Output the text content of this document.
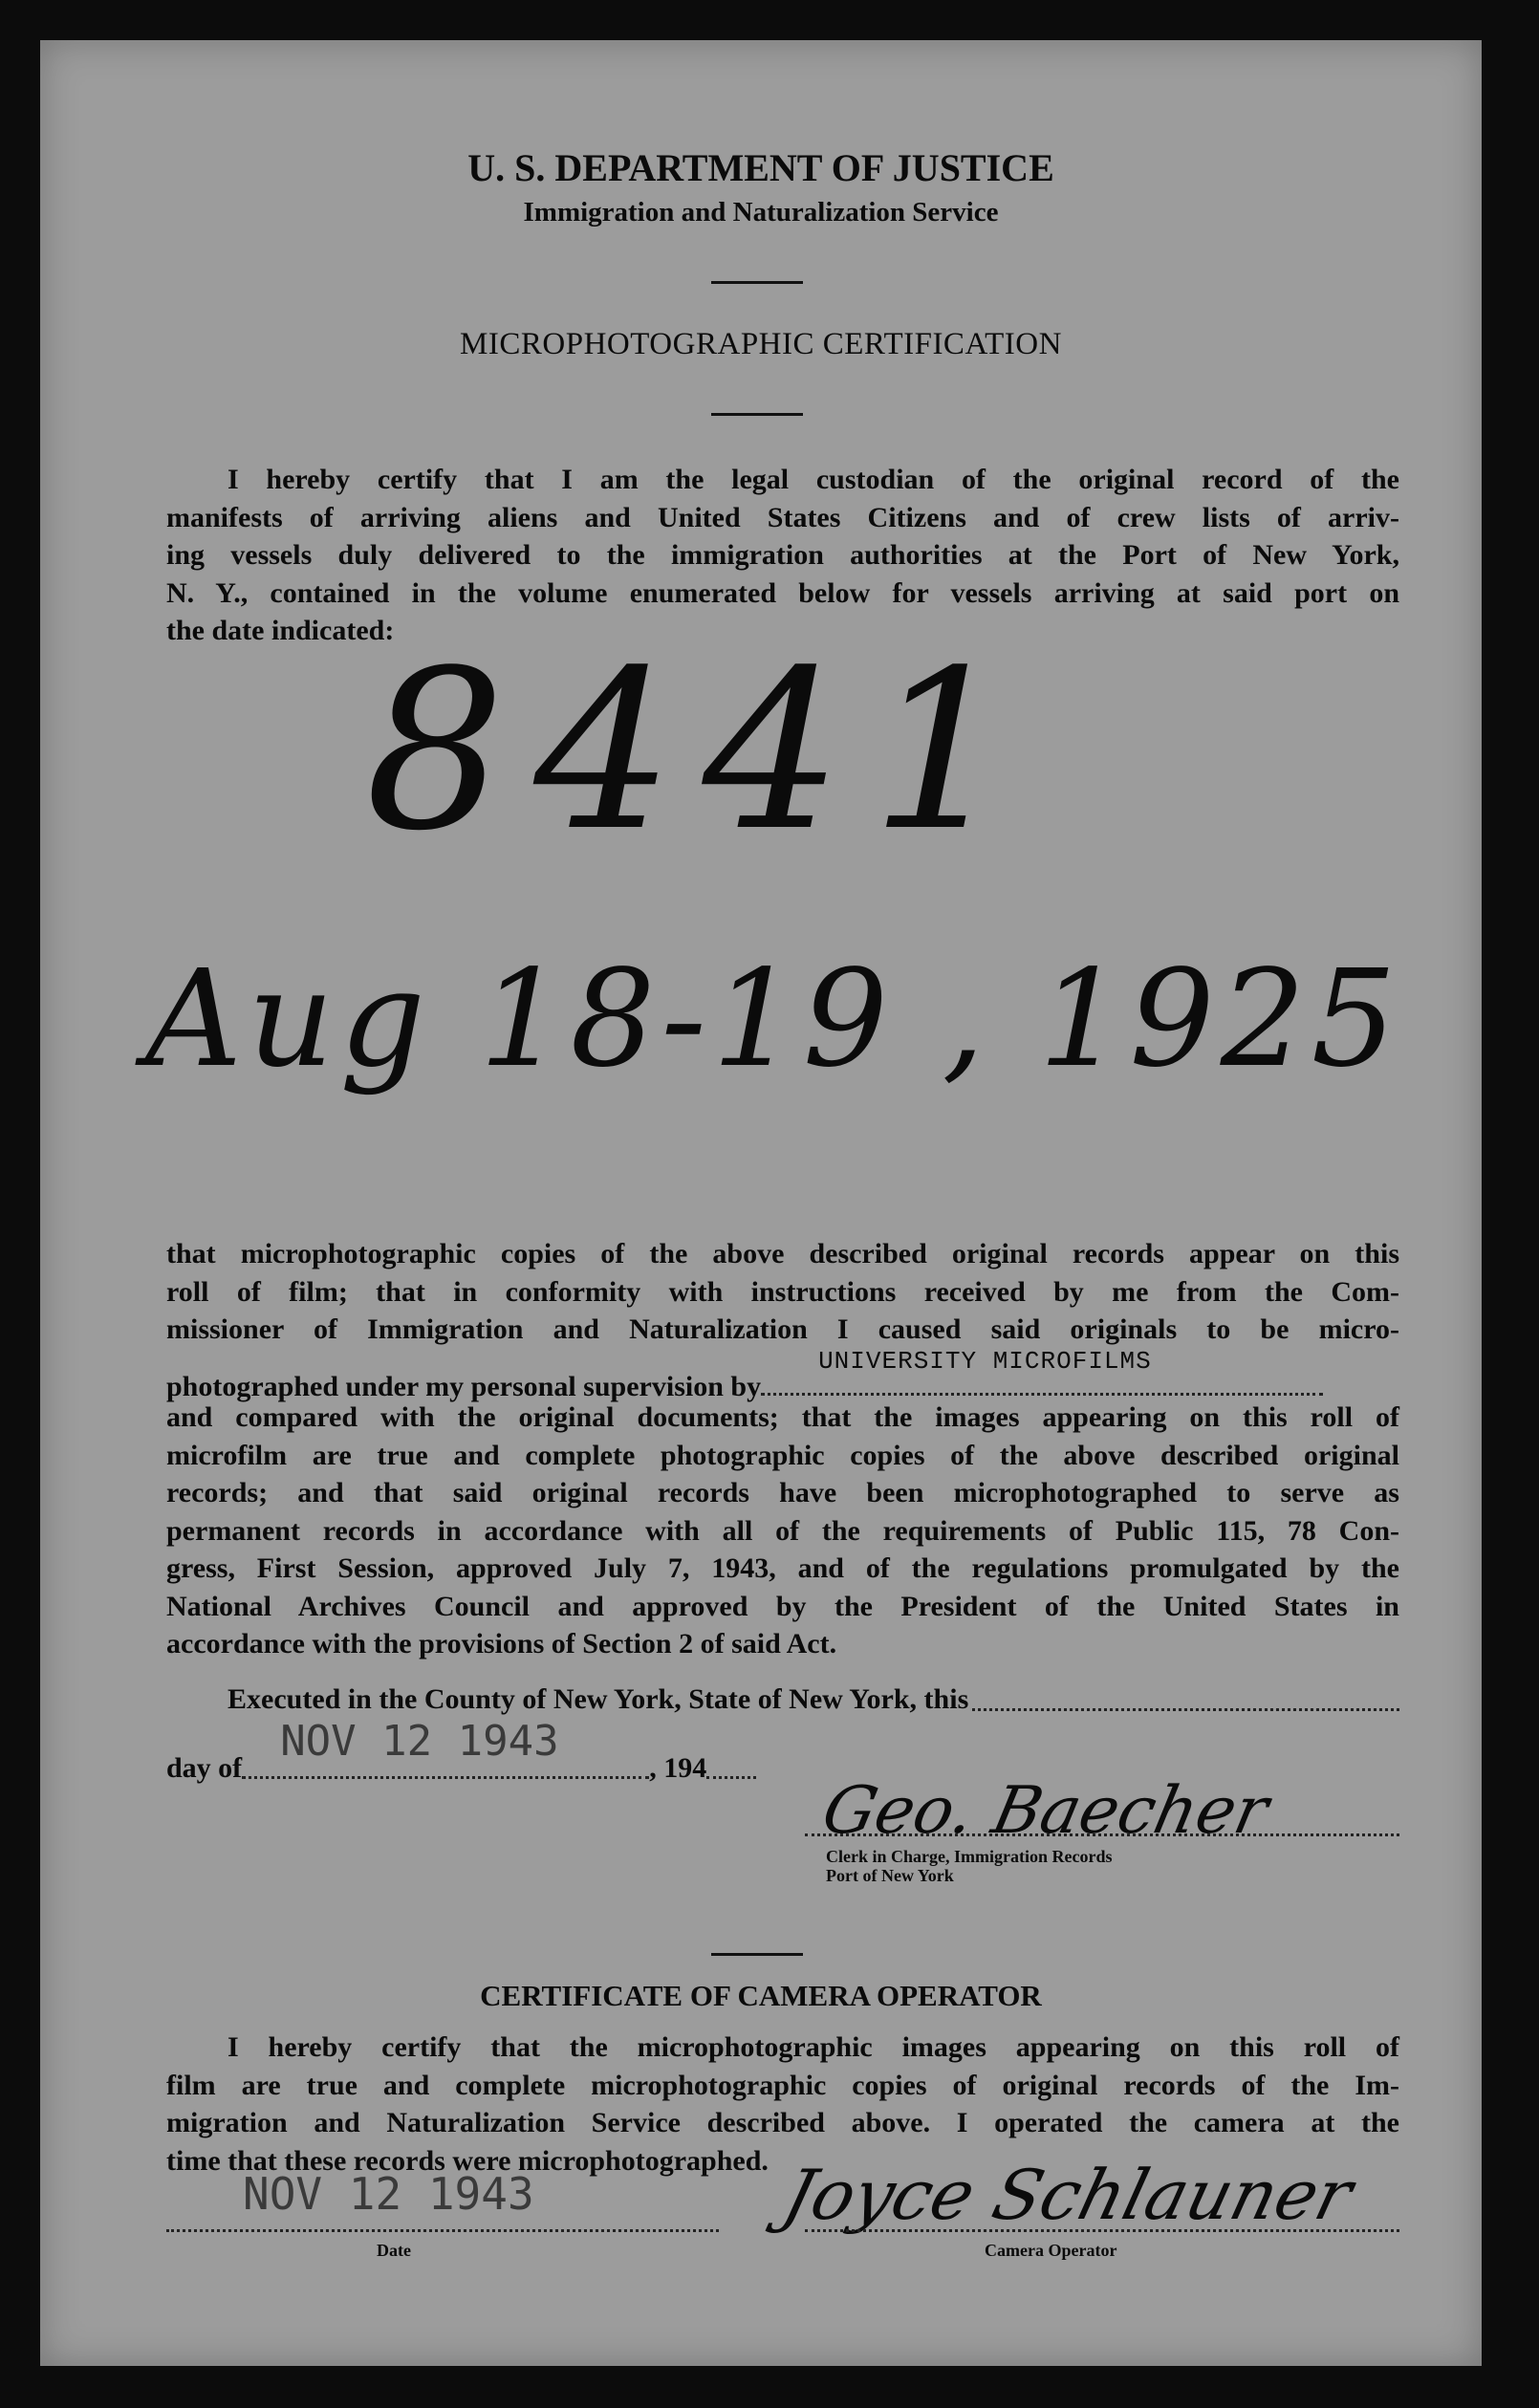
U. S. DEPARTMENT OF JUSTICE
Immigration and Naturalization Service
MICROPHOTOGRAPHIC CERTIFICATION
I hereby certify that I am the legal custodian of the original record of the
manifests of arriving aliens and United States Citizens and of crew lists of arriv-
ing vessels duly delivered to the immigration authorities at the Port of New York,
N. Y., contained in the volume enumerated below for vessels arriving at said port on
the date indicated:
8441
Aug 18-19 , 1925
that microphotographic copies of the above described original records appear on this
roll of film; that in conformity with instructions received by me from the Com-
missioner of Immigration and Naturalization I caused said originals to be micro-
photographed under my personal supervision by
UNIVERSITY MICROFILMS
and compared with the original documents; that the images appearing on this roll of
microfilm are true and complete photographic copies of the above described original
records; and that said original records have been microphotographed to serve as
permanent records in accordance with all of the requirements of Public 115, 78 Con-
gress, First Session, approved July 7, 1943, and of the regulations promulgated by the
National Archives Council and approved by the President of the United States in
accordance with the provisions of Section 2 of said Act.
Executed in the County of New York, State of New York, this
day of
NOV 12 1943
, 194
Geo. Baecher
Clerk in Charge, Immigration Records
Port of New York
CERTIFICATE OF CAMERA OPERATOR
I hereby certify that the microphotographic images appearing on this roll of
film are true and complete microphotographic copies of original records of the Im-
migration and Naturalization Service described above. I operated the camera at the
time that these records were microphotographed.
NOV 12 1943
Date
Joyce Schlauner
Camera Operator
